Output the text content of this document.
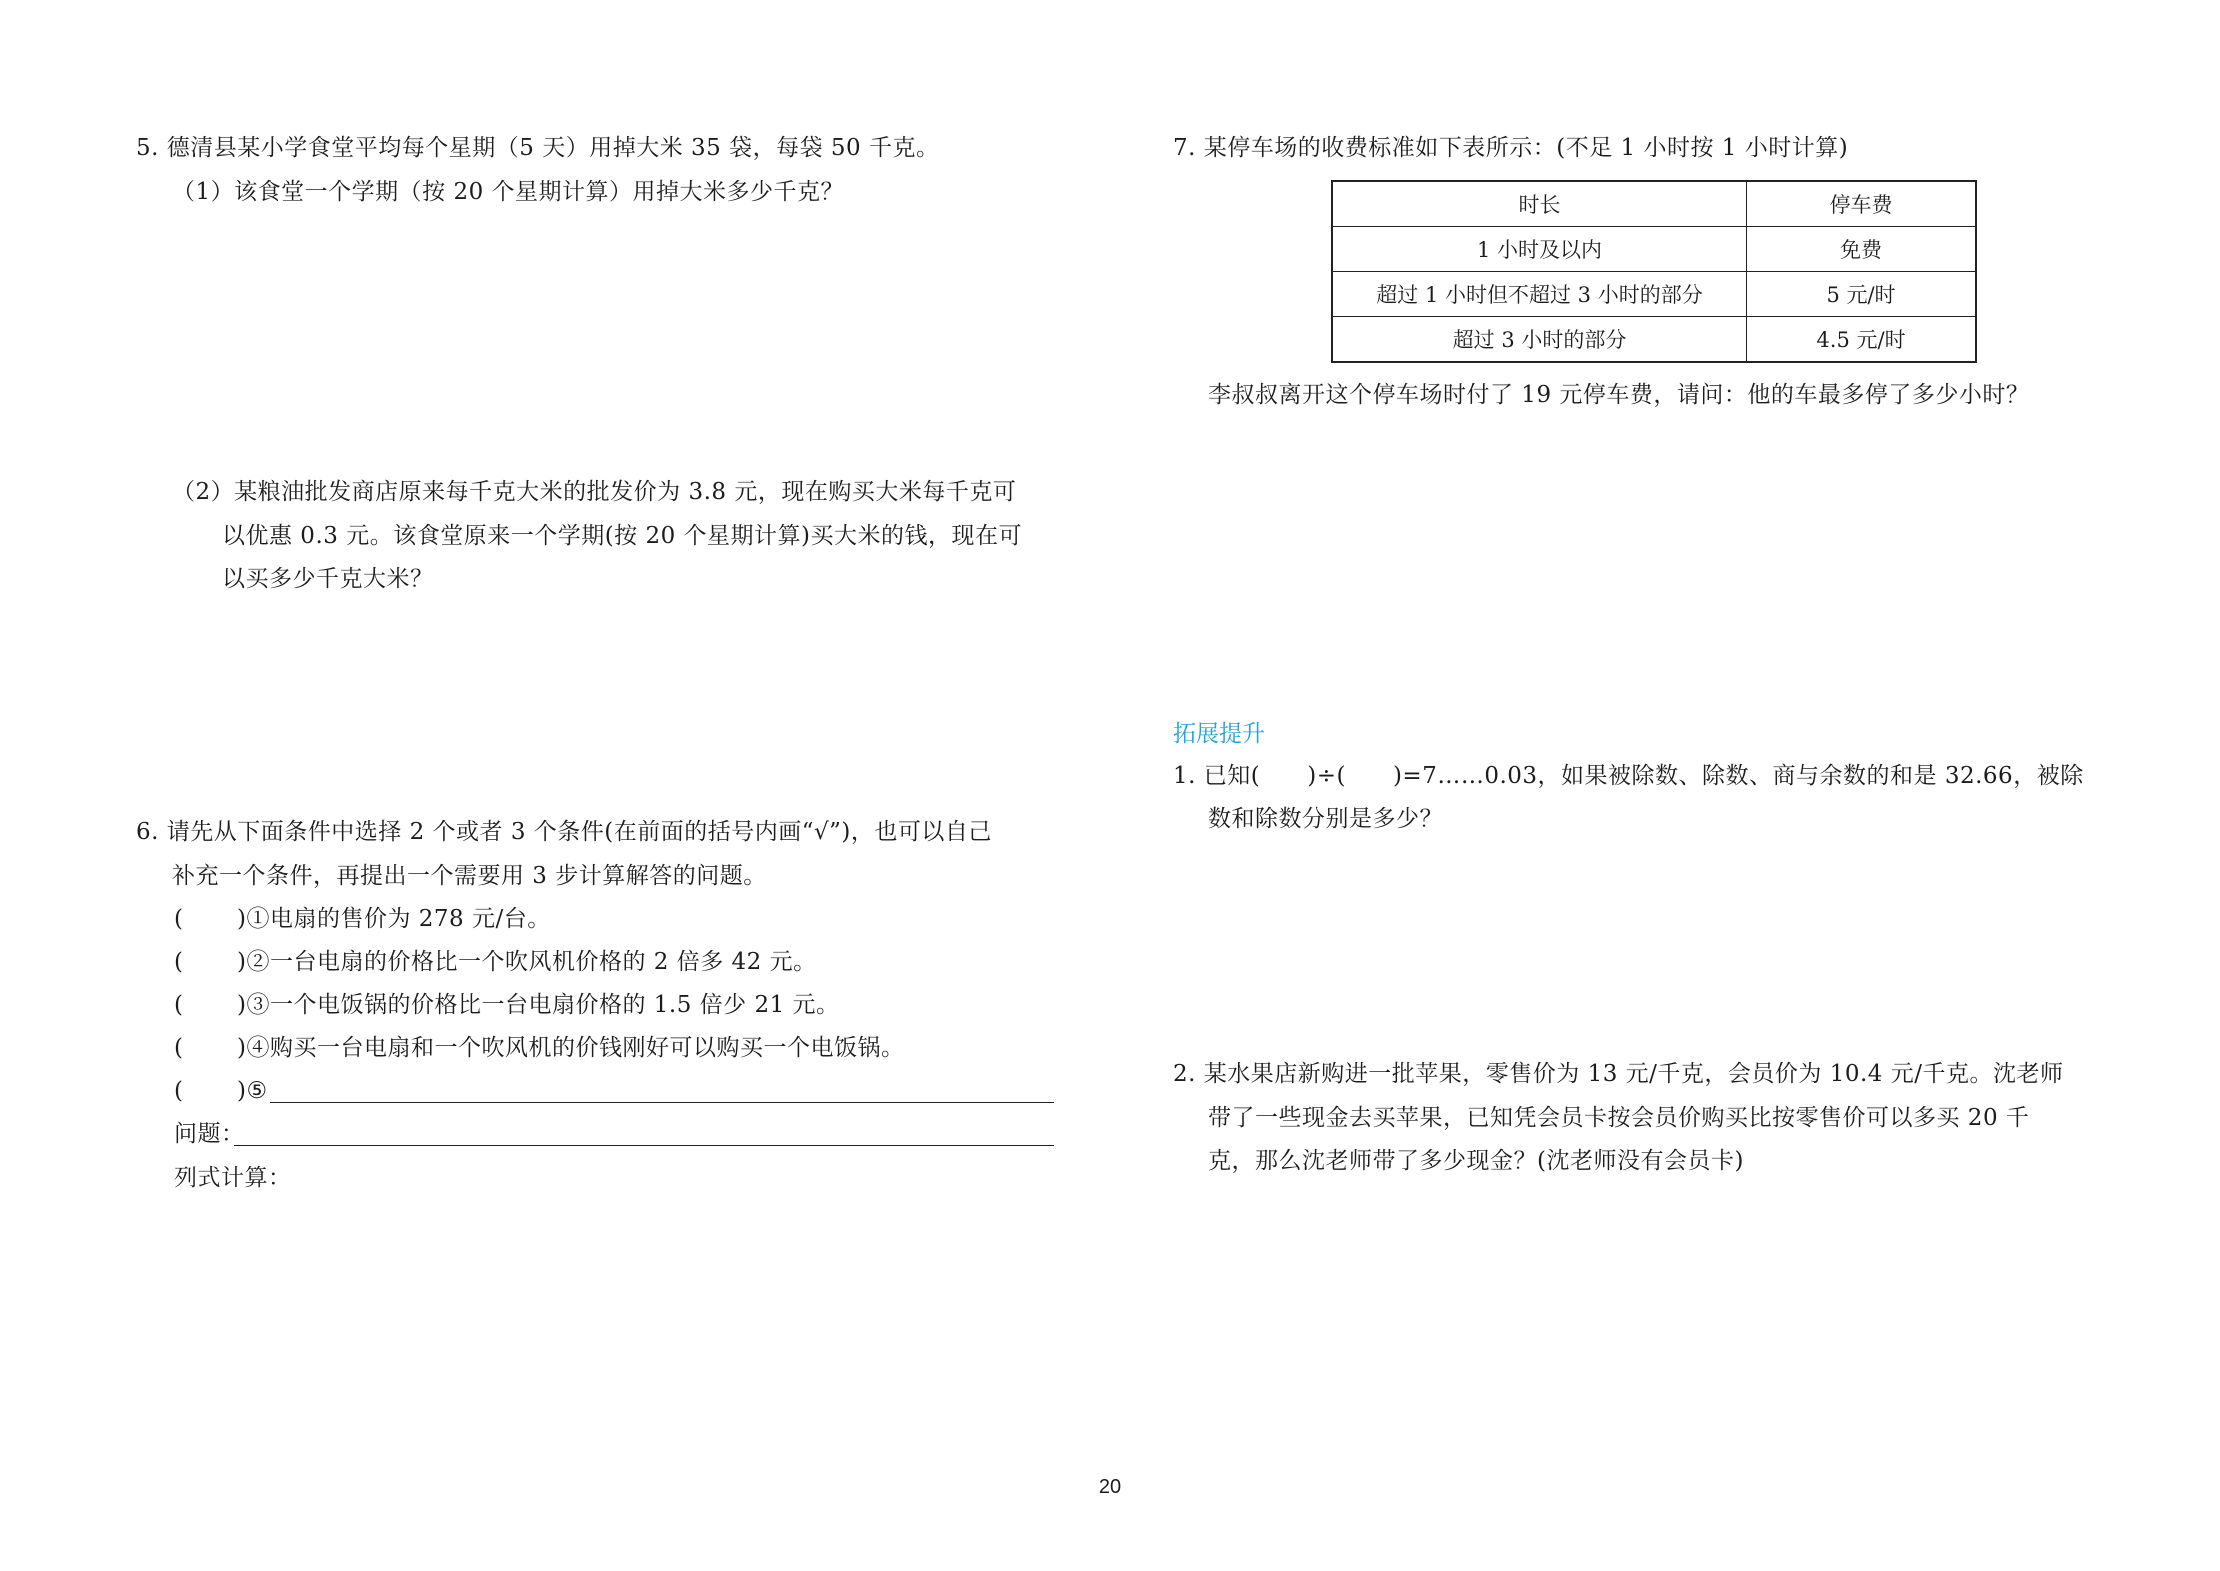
5. 德清县某小学食堂平均每个星期（5 天）用掉大米 35 袋，每袋 50 千克。
（1）该食堂一个学期（按 20 个星期计算）用掉大米多少千克？
（2）某粮油批发商店原来每千克大米的批发价为 3.8 元，现在购买大米每千克可
以优惠 0.3 元。该食堂原来一个学期(按 20 个星期计算)买大米的钱，现在可
以买多少千克大米？
6. 请先从下面条件中选择 2 个或者 3 个条件(在前面的括号内画“√”)，也可以自己
补充一个条件，再提出一个需要用 3 步计算解答的问题。
( )①电扇的售价为 278 元/台。
( )②一台电扇的价格比一个吹风机价格的 2 倍多 42 元。
( )③一个电饭锅的价格比一台电扇价格的 1.5 倍少 21 元。
( )④购买一台电扇和一个吹风机的价钱刚好可以购买一个电饭锅。
( )⑤
问题：
列式计算：
7. 某停车场的收费标准如下表所示：(不足 1 小时按 1 小时计算)
时长	停车费
1 小时及以内	免费
超过 1 小时但不超过 3 小时的部分	5 元/时
超过 3 小时的部分	4.5 元/时
李叔叔离开这个停车场时付了 19 元停车费，请问：他的车最多停了多少小时？
拓展提升
1. 已知(　　)÷(　　)=7……0.03，如果被除数、除数、商与余数的和是 32.66，被除
数和除数分别是多少？
2. 某水果店新购进一批苹果，零售价为 13 元/千克，会员价为 10.4 元/千克。沈老师
带了一些现金去买苹果，已知凭会员卡按会员价购买比按零售价可以多买 20 千
克，那么沈老师带了多少现金？(沈老师没有会员卡)
20
